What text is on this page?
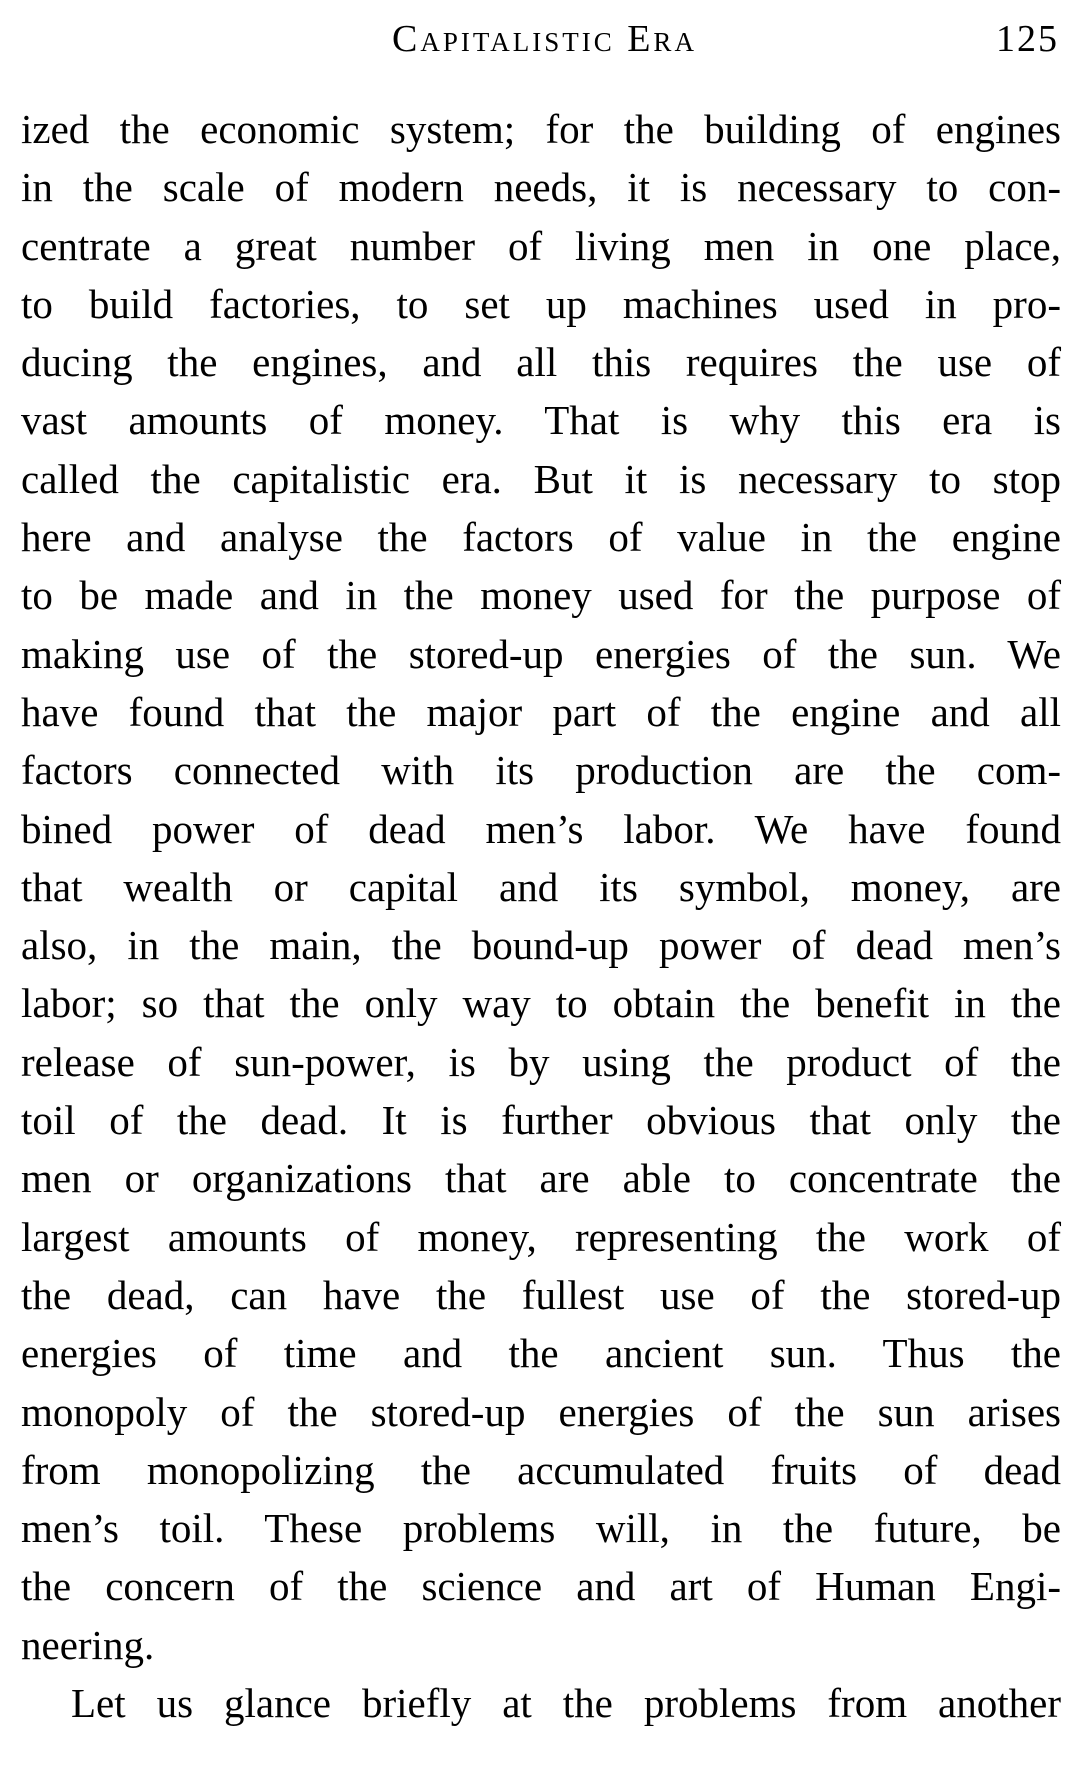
Capitalistic Era	125
ized the economic system; for the building of engines
in the scale of modern needs, it is necessary to con-
centrate a great number of living men in one place,
to build factories, to set up machines used in pro-
ducing the engines, and all this requires the use of
vast amounts of money. That is why this era is
called the capitalistic era. But it is necessary to stop
here and analyse the factors of value in the engine
to be made and in the money used for the purpose of
making use of the stored-up energies of the sun. We
have found that the major part of the engine and all
factors connected with its production are the com-
bined power of dead men’s labor. We have found
that wealth or capital and its symbol, money, are
also, in the main, the bound-up power of dead men’s
labor; so that the only way to obtain the benefit in the
release of sun-power, is by using the product of the
toil of the dead. It is further obvious that only the
men or organizations that are able to concentrate the
largest amounts of money, representing the work of
the dead, can have the fullest use of the stored-up
energies of time and the ancient sun. Thus the
monopoly of the stored-up energies of the sun arises
from monopolizing the accumulated fruits of dead
men’s toil. These problems will, in the future, be
the concern of the science and art of Human Engi-
neering.
Let us glance briefly at the problems from another
